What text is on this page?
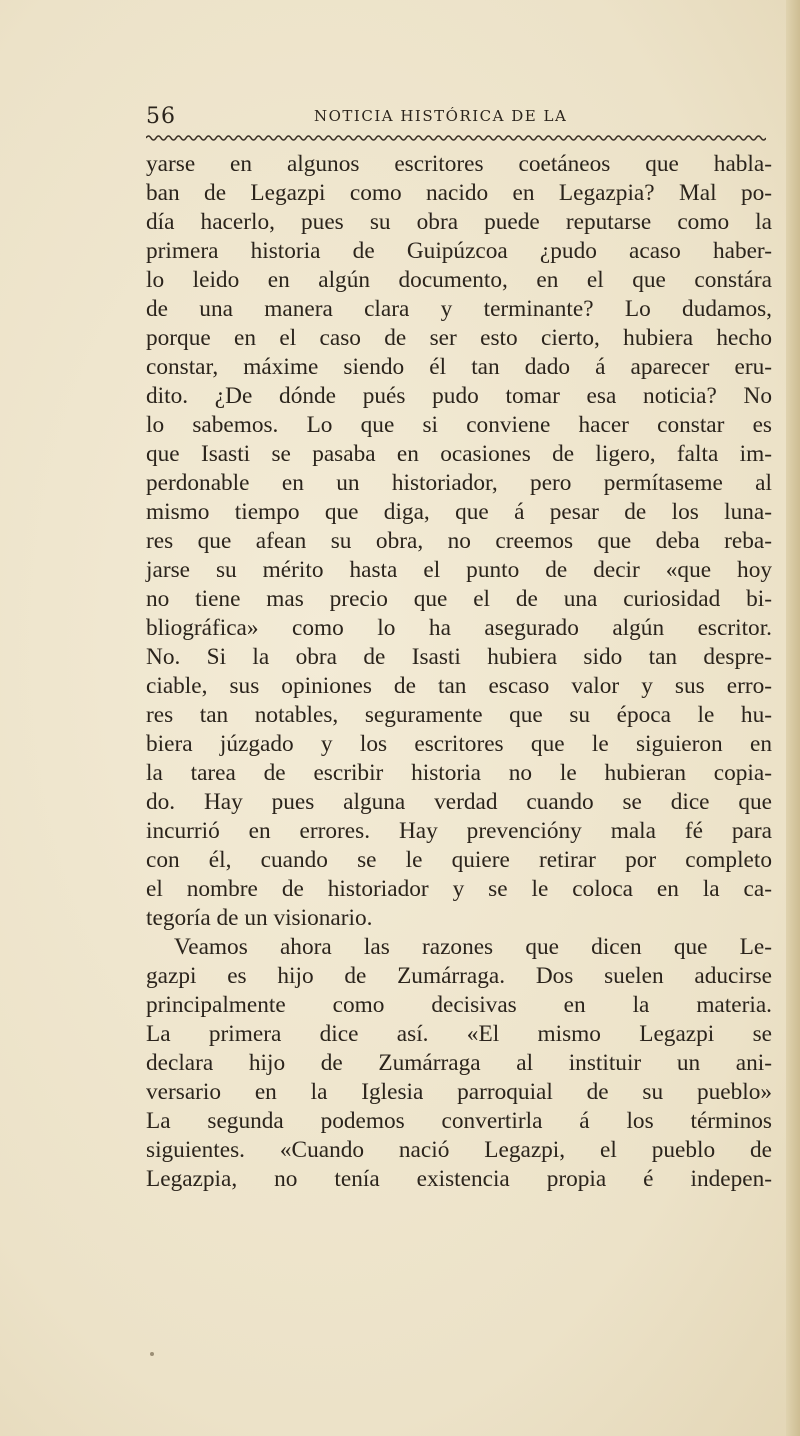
56	NOTICIA HISTÓRICA DE LA

yarse en algunos escritores coetáneos que habla-

ban de Legazpi como nacido en Legazpia? Mal po-

día hacerlo, pues su obra puede reputarse como la

primera historia de Guipúzcoa ¿pudo acaso haber-

lo leido en algún documento, en el que constára

de una manera clara y terminante? Lo dudamos,

porque en el caso de ser esto cierto, hubiera hecho

constar, máxime siendo él tan dado á aparecer eru-

dito. ¿De dónde pués pudo tomar esa noticia? No

lo sabemos. Lo que si conviene hacer constar es

que Isasti se pasaba en ocasiones de ligero, falta im-

perdonable en un historiador, pero permítaseme al

mismo tiempo que diga, que á pesar de los luna-

res que afean su obra, no creemos que deba reba-

jarse su mérito hasta el punto de decir «que hoy

no tiene mas precio que el de una curiosidad bi-

bliográfica» como lo ha asegurado algún escritor.

No. Si la obra de Isasti hubiera sido tan despre-

ciable, sus opiniones de tan escaso valor y sus erro-

res tan notables, seguramente que su época le hu-

biera júzgado y los escritores que le siguieron en

la tarea de escribir historia no le hubieran copia-

do. Hay pues alguna verdad cuando se dice que

incurrió en errores. Hay prevencióny mala fé para

con él, cuando se le quiere retirar por completo

el nombre de historiador y se le coloca en la ca-

tegoría de un visionario.

Veamos ahora las razones que dicen que Le-

gazpi es hijo de Zumárraga. Dos suelen aducirse

principalmente como decisivas en la materia.

La primera dice así. «El mismo Legazpi se

declara hijo de Zumárraga al instituir un ani-

versario en la Iglesia parroquial de su pueblo»

La segunda podemos convertirla á los términos

siguientes. «Cuando nació Legazpi, el pueblo de

Legazpia, no tenía existencia propia é indepen-
